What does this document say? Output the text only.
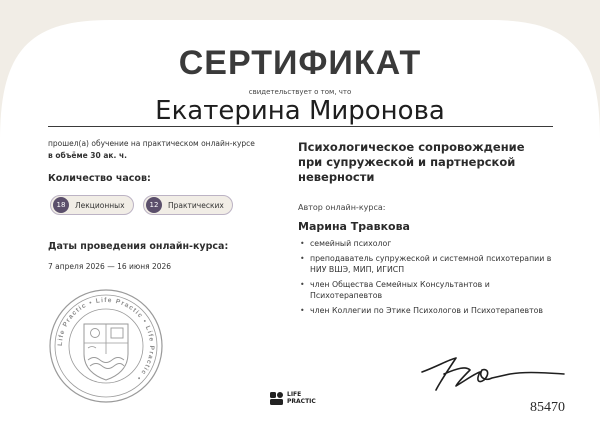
СЕРТИФИКАТ
свидетельствует о том, что
Екатерина Миронова
прошел(а) обучение на практическом онлайн-курсе
в объёме 30 ак. ч.
Количество часов:
18	Лекционных	12	Практических
Даты проведения онлайн-курса:
7 апреля 2026 — 16 июня 2026
Life Practic • Life Practic • Life Practic •
Психологическое сопровождение при супружеской и партнерской неверности
Автор онлайн-курса:
Марина Травкова
• семейный психолог
• преподаватель супружеской и системной психотерапии в НИУ ВШЭ, МИП, ИГИСП
• член Общества Семейных Консультантов и Психотерапевтов
• член Коллегии по Этике Психологов и Психотерапевтов
LIFE
PRACTIC	85470
